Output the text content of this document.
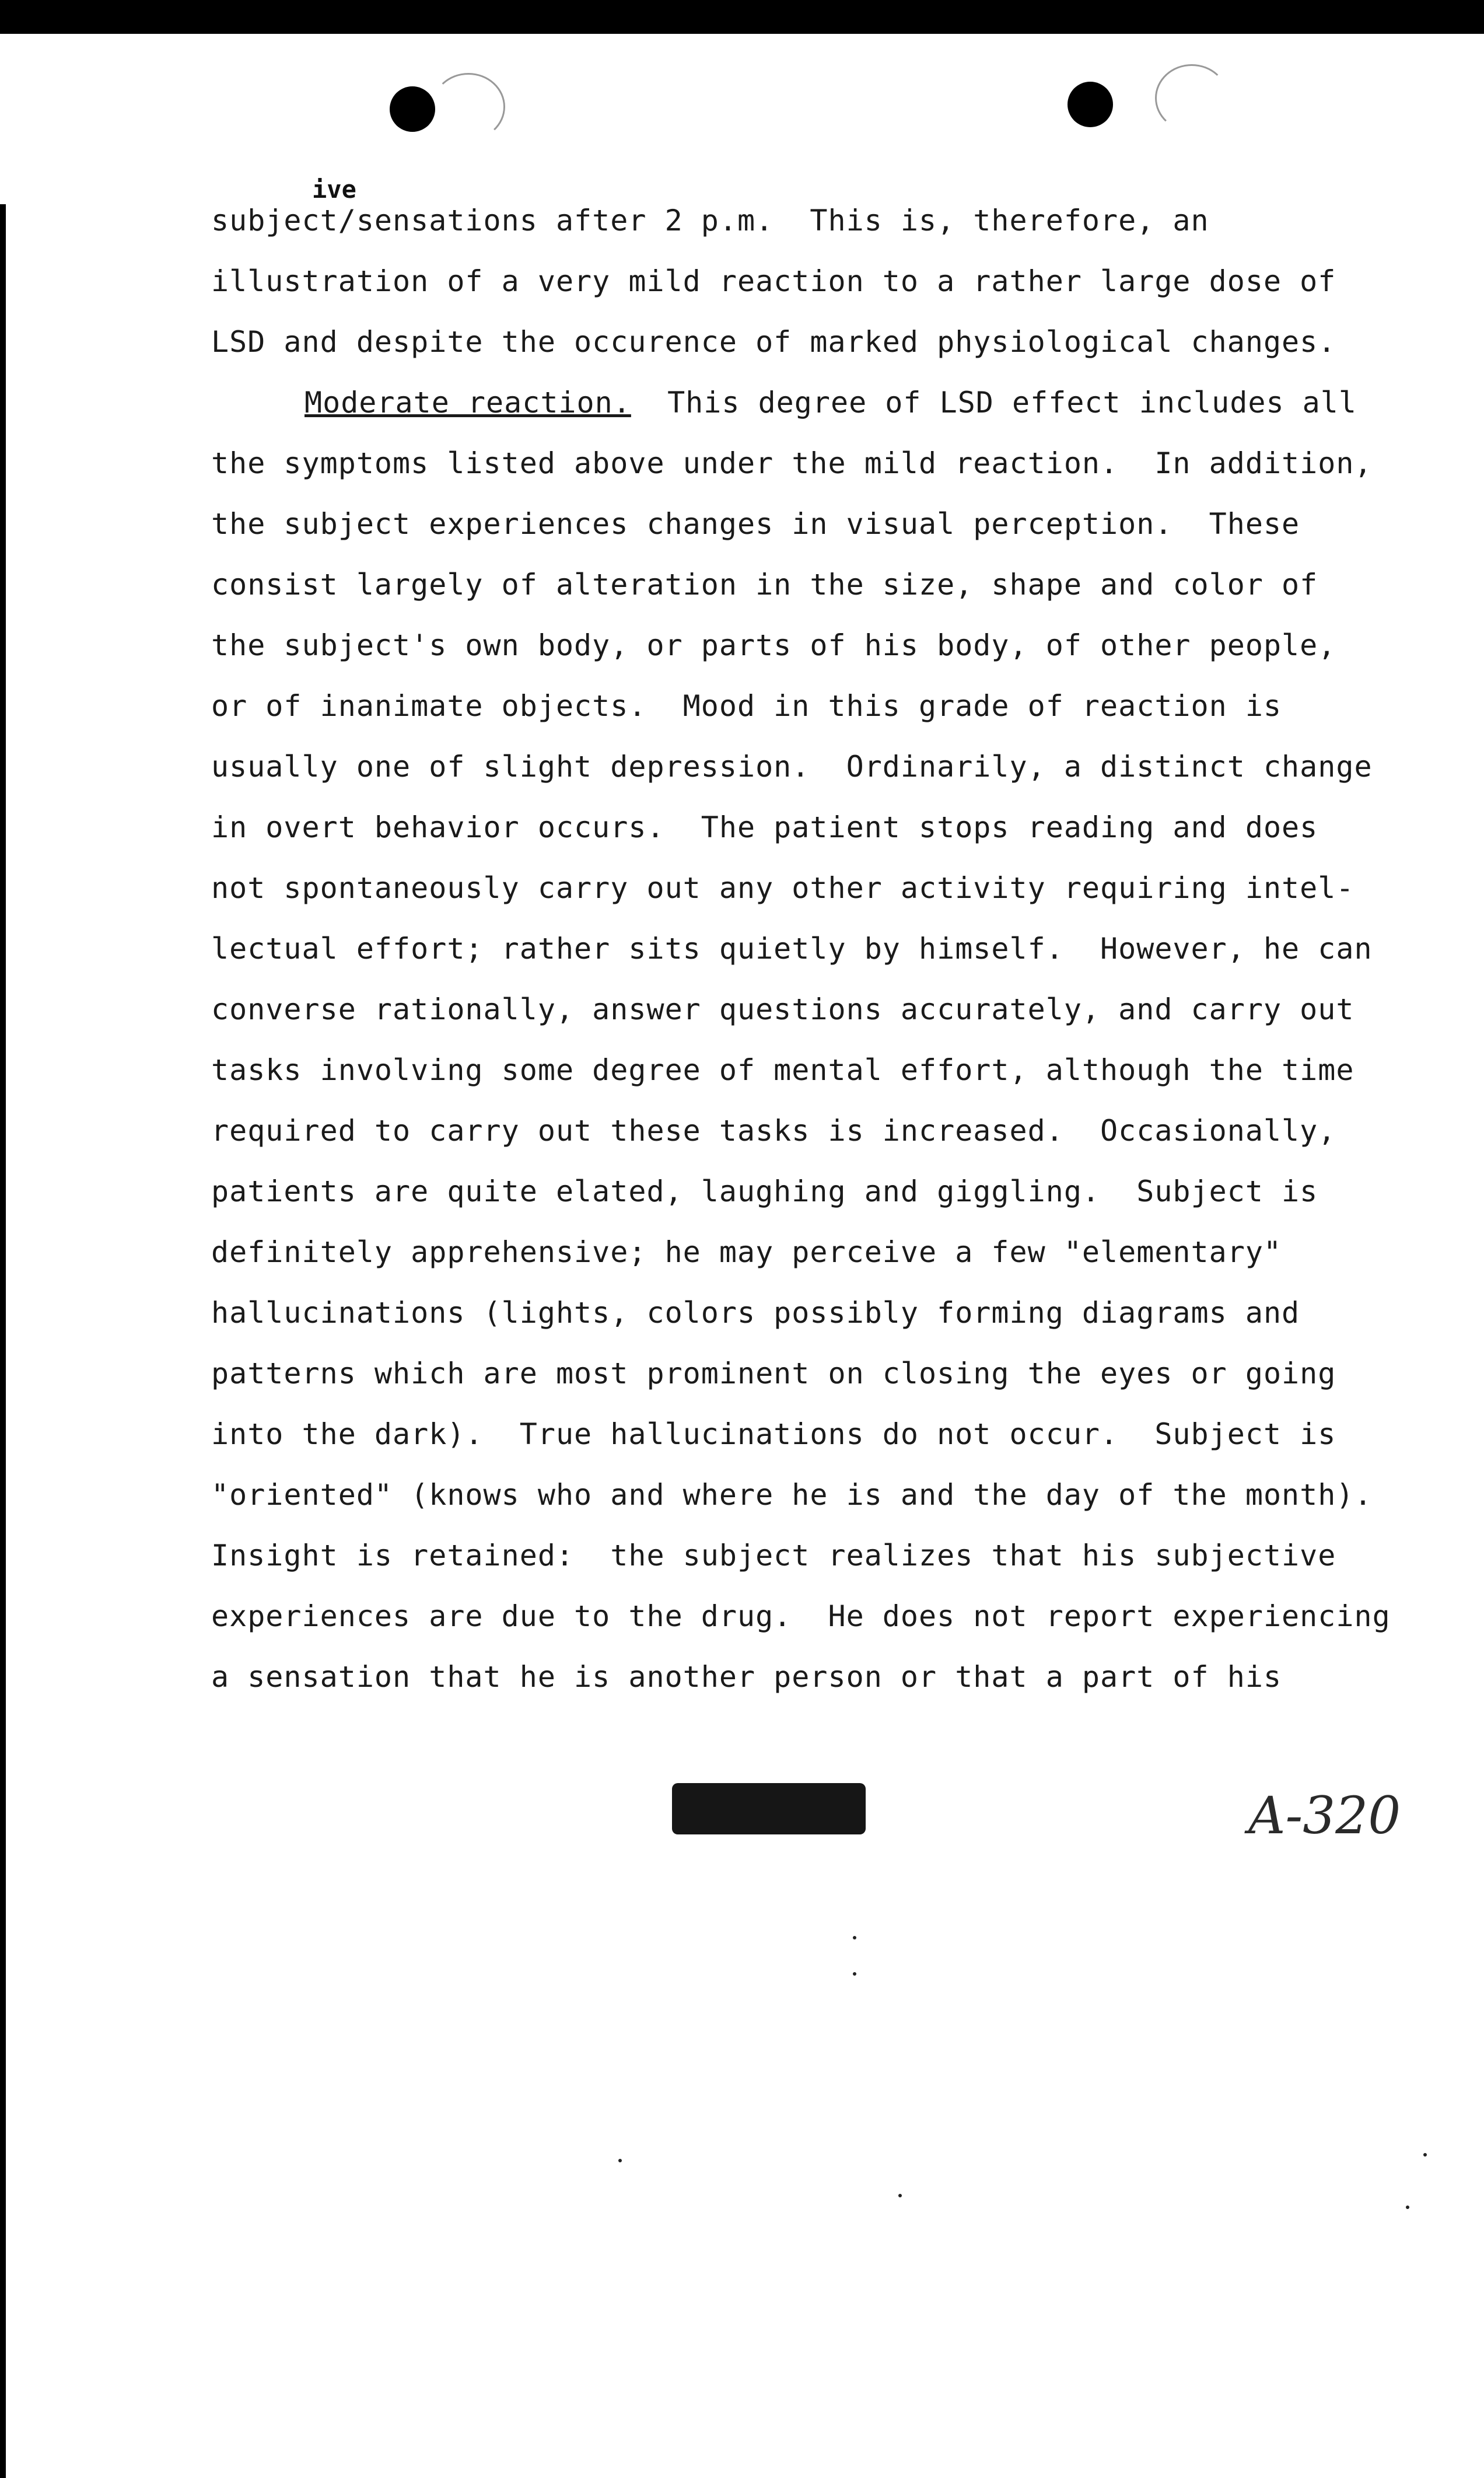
ive
subject/sensations after 2 p.m.  This is, therefore, an
illustration of a very mild reaction to a rather large dose of
LSD and despite the occurence of marked physiological changes.
Moderate reaction.  This degree of LSD effect includes all
the symptoms listed above under the mild reaction.  In addition,
the subject experiences changes in visual perception.  These
consist largely of alteration in the size, shape and color of
the subject's own body, or parts of his body, of other people,
or of inanimate objects.  Mood in this grade of reaction is
usually one of slight depression.  Ordinarily, a distinct change
in overt behavior occurs.  The patient stops reading and does
not spontaneously carry out any other activity requiring intel-
lectual effort; rather sits quietly by himself.  However, he can
converse rationally, answer questions accurately, and carry out
tasks involving some degree of mental effort, although the time
required to carry out these tasks is increased.  Occasionally,
patients are quite elated, laughing and giggling.  Subject is
definitely apprehensive; he may perceive a few "elementary"
hallucinations (lights, colors possibly forming diagrams and
patterns which are most prominent on closing the eyes or going
into the dark).  True hallucinations do not occur.  Subject is
"oriented" (knows who and where he is and the day of the month).
Insight is retained:  the subject realizes that his subjective
experiences are due to the drug.  He does not report experiencing
a sensation that he is another person or that a part of his
A-320
